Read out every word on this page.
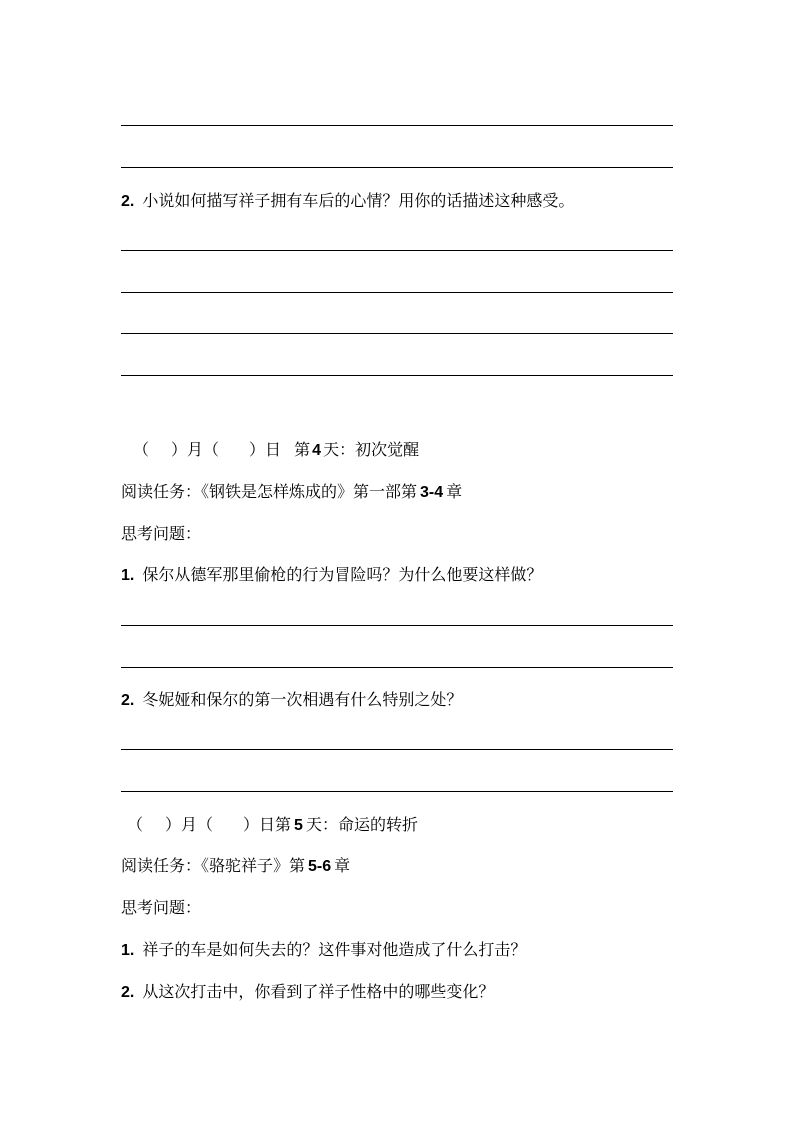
2. 小说如何描写祥子拥有车后的心情？用你的话描述这种感受。
（ ）月（ ）日 第 4 天：初次觉醒
阅读任务：《钢铁是怎样炼成的》第一部第 3-4 章
思考问题：
1. 保尔从德军那里偷枪的行为冒险吗？为什么他要这样做？
2. 冬妮娅和保尔的第一次相遇有什么特别之处？
（ ）月（ ）日第 5 天：命运的转折
阅读任务：《骆驼祥子》第 5-6 章
思考问题：
1. 祥子的车是如何失去的？这件事对他造成了什么打击？
2. 从这次打击中，你看到了祥子性格中的哪些变化？
